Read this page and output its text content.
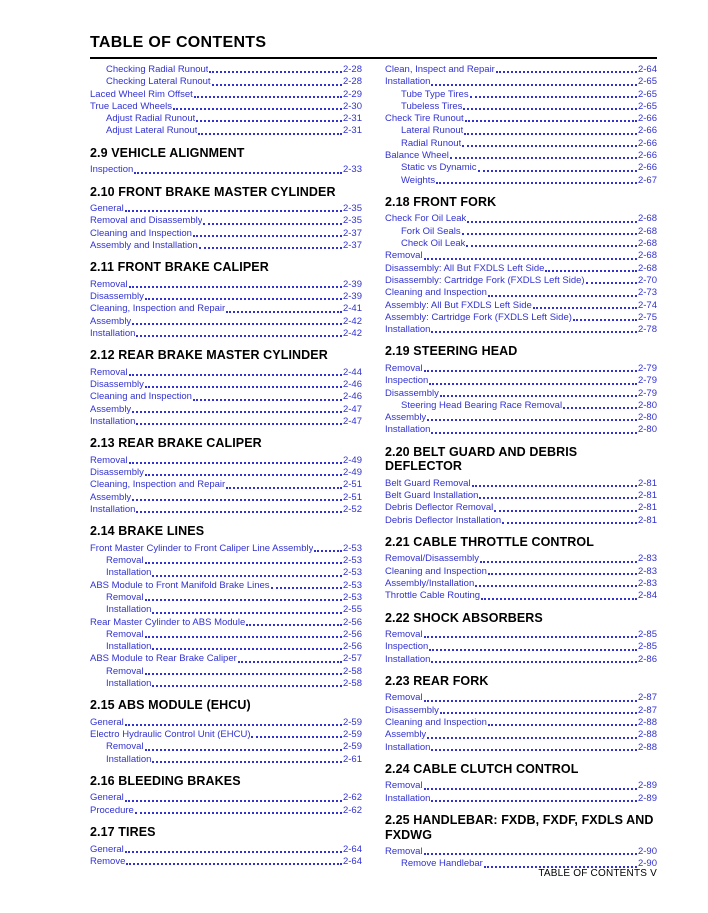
TABLE OF CONTENTS
Checking Radial Runout	2-28
Checking Lateral Runout	2-28
Laced Wheel Rim Offset	2-29
True Laced Wheels	2-30
Adjust Radial Runout	2-31
Adjust Lateral Runout	2-31
2.9 VEHICLE ALIGNMENT
Inspection	2-33
2.10 FRONT BRAKE MASTER CYLINDER
General	2-35
Removal and Disassembly	2-35
Cleaning and Inspection	2-37
Assembly and Installation	2-37
2.11 FRONT BRAKE CALIPER
Removal	2-39
Disassembly	2-39
Cleaning, Inspection and Repair	2-41
Assembly	2-42
Installation	2-42
2.12 REAR BRAKE MASTER CYLINDER
Removal	2-44
Disassembly	2-46
Cleaning and Inspection	2-46
Assembly	2-47
Installation	2-47
2.13 REAR BRAKE CALIPER
Removal	2-49
Disassembly	2-49
Cleaning, Inspection and Repair	2-51
Assembly	2-51
Installation	2-52
2.14 BRAKE LINES
Front Master Cylinder to Front Caliper Line Assembly	2-53
Removal	2-53
Installation	2-53
ABS Module to Front Manifold Brake Lines	2-53
Removal	2-53
Installation	2-55
Rear Master Cylinder to ABS Module	2-56
Removal	2-56
Installation	2-56
ABS Module to Rear Brake Caliper	2-57
Removal	2-58
Installation	2-58
2.15 ABS MODULE (EHCU)
General	2-59
Electro Hydraulic Control Unit (EHCU)	2-59
Removal	2-59
Installation	2-61
2.16 BLEEDING BRAKES
General	2-62
Procedure	2-62
2.17 TIRES
General	2-64
Remove	2-64
Clean, Inspect and Repair	2-64
Installation	2-65
Tube Type Tires	2-65
Tubeless Tires	2-65
Check Tire Runout	2-66
Lateral Runout	2-66
Radial Runout	2-66
Balance Wheel	2-66
Static vs Dynamic	2-66
Weights	2-67
2.18 FRONT FORK
Check For Oil Leak	2-68
Fork Oil Seals	2-68
Check Oil Leak	2-68
Removal	2-68
Disassembly: All But FXDLS Left Side	2-68
Disassembly: Cartridge Fork (FXDLS Left Side)	2-70
Cleaning and Inspection	2-73
Assembly: All But FXDLS Left Side	2-74
Assembly: Cartridge Fork (FXDLS Left Side)	2-75
Installation	2-78
2.19 STEERING HEAD
Removal	2-79
Inspection	2-79
Disassembly	2-79
Steering Head Bearing Race Removal	2-80
Assembly	2-80
Installation	2-80
2.20 BELT GUARD AND DEBRIS DEFLECTOR
Belt Guard Removal	2-81
Belt Guard Installation	2-81
Debris Deflector Removal	2-81
Debris Deflector Installation	2-81
2.21 CABLE THROTTLE CONTROL
Removal/Disassembly	2-83
Cleaning and Inspection	2-83
Assembly/Installation	2-83
Throttle Cable Routing	2-84
2.22 SHOCK ABSORBERS
Removal	2-85
Inspection	2-85
Installation	2-86
2.23 REAR FORK
Removal	2-87
Disassembly	2-87
Cleaning and Inspection	2-88
Assembly	2-88
Installation	2-88
2.24 CABLE CLUTCH CONTROL
Removal	2-89
Installation	2-89
2.25 HANDLEBAR: FXDB, FXDF, FXDLS AND FXDWG
Removal	2-90
Remove Handlebar	2-90
TABLE OF CONTENTS V
